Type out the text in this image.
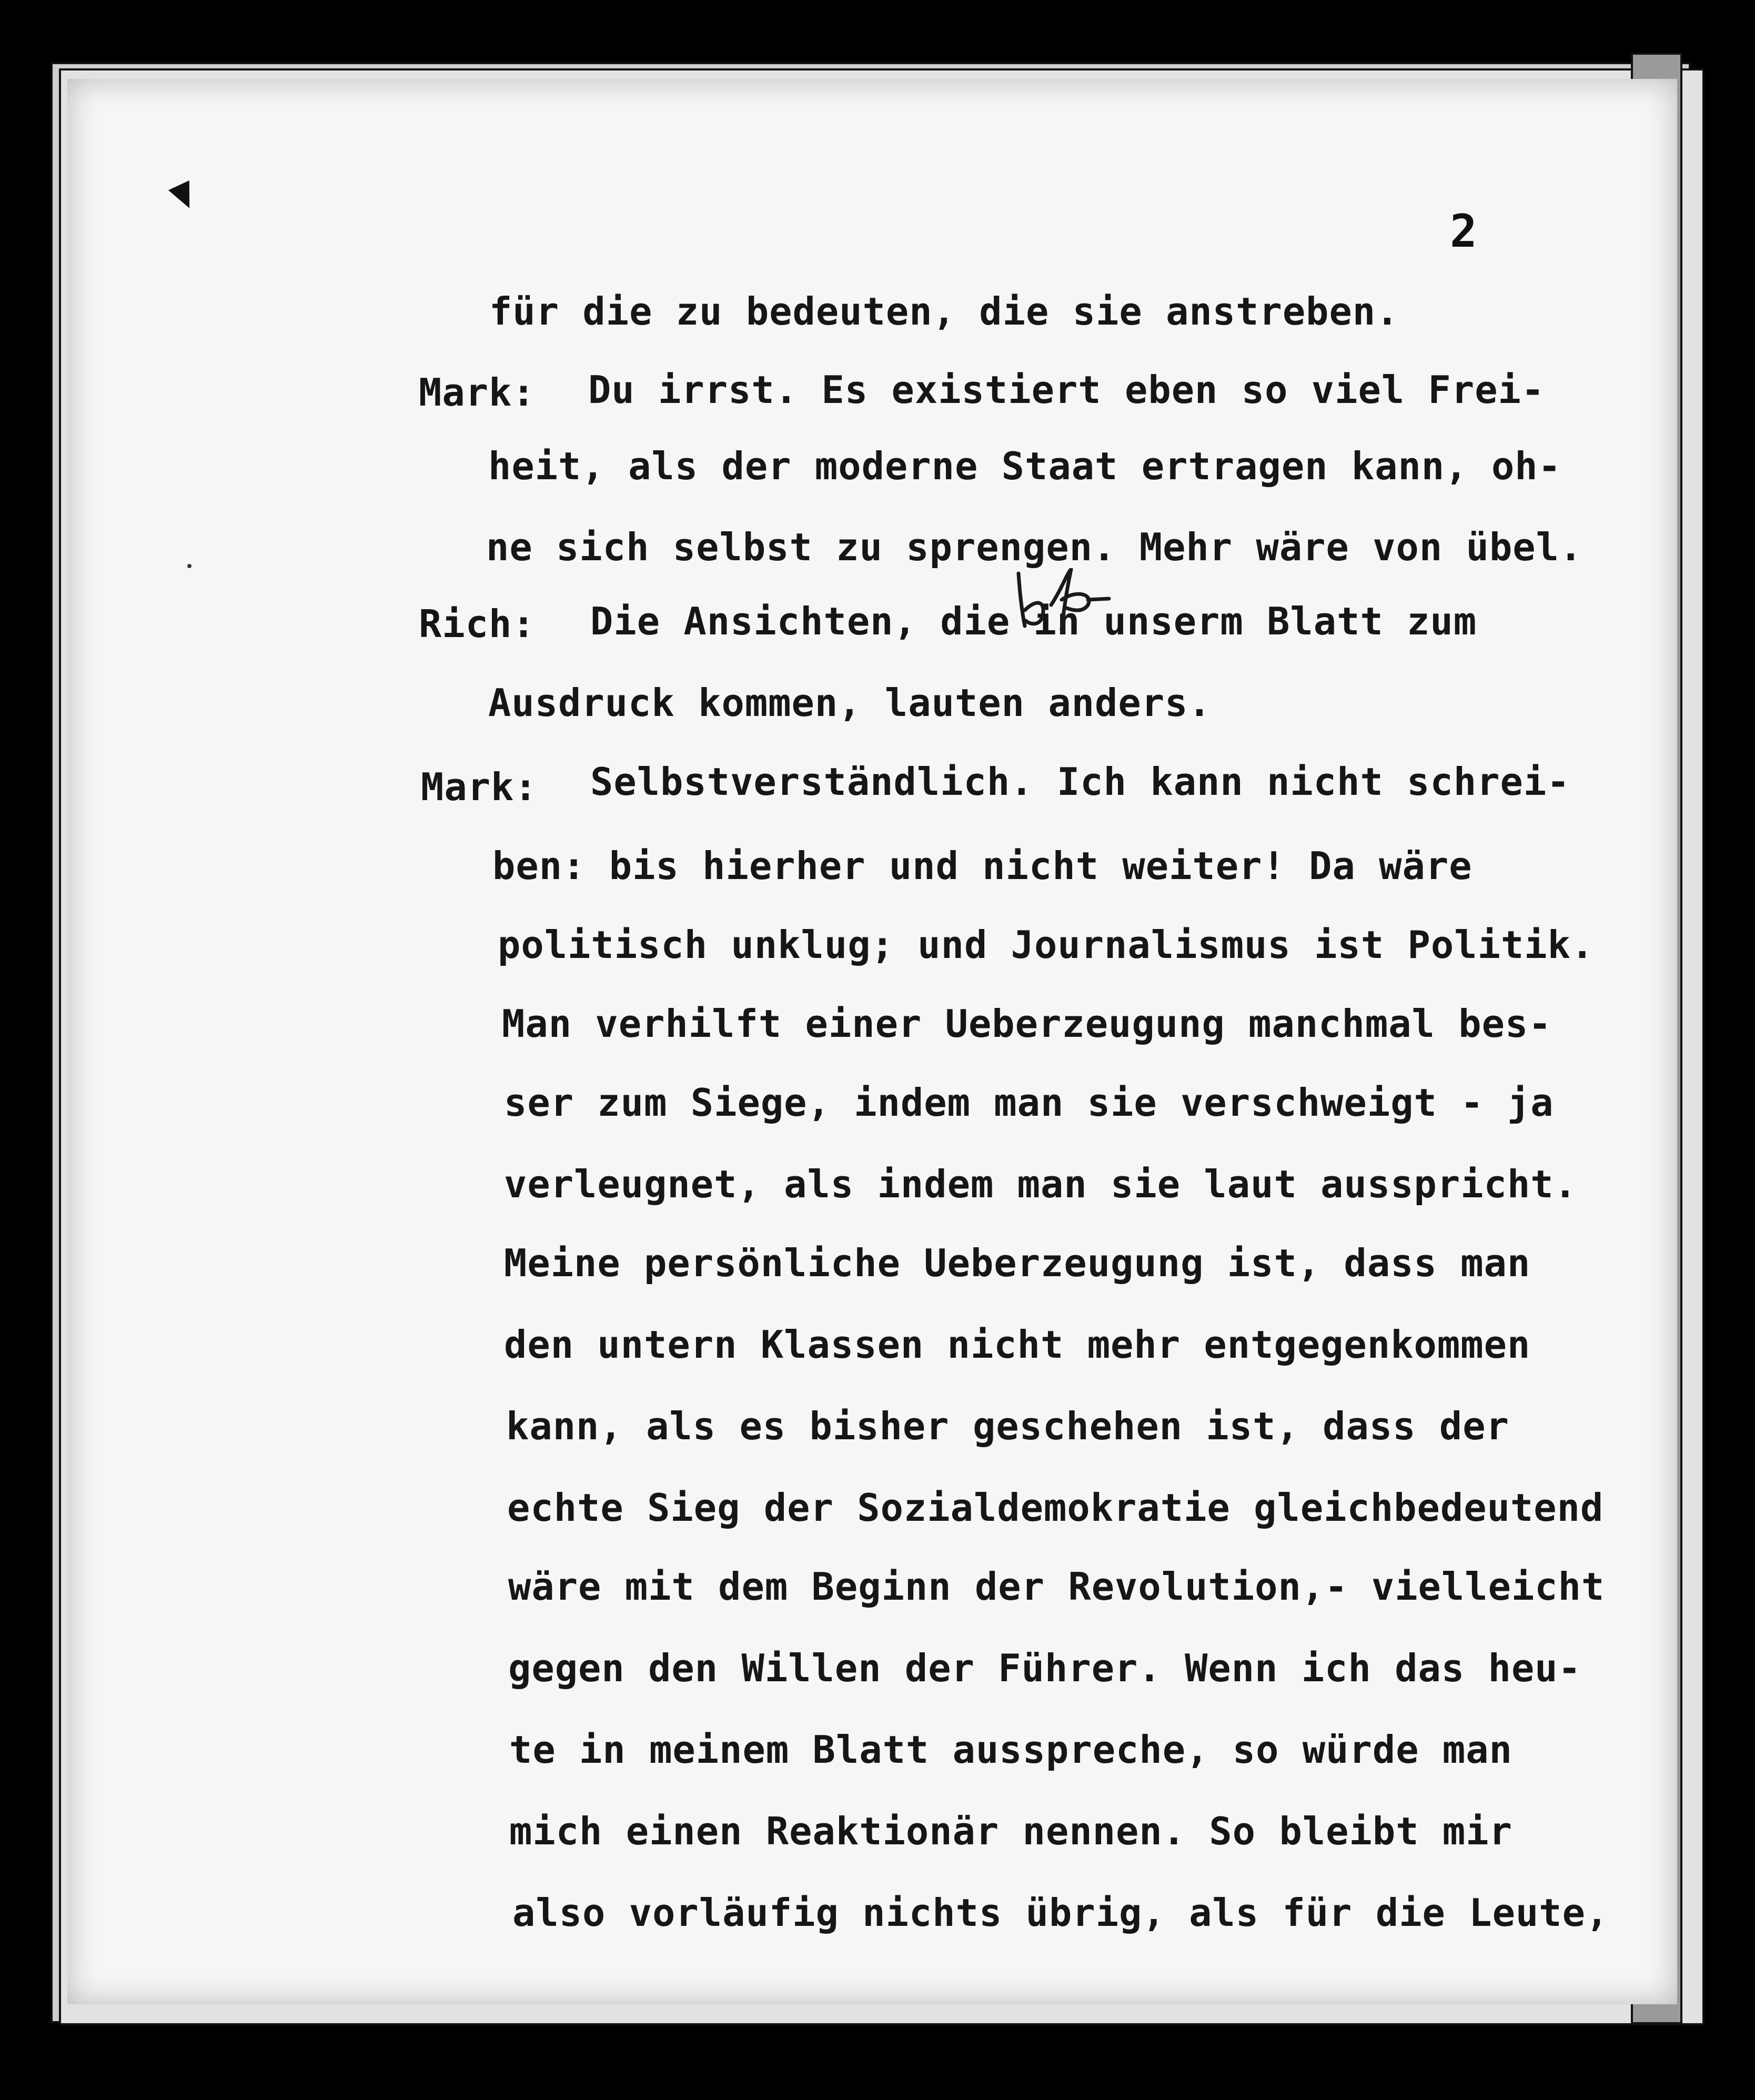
2
für die zu bedeuten, die sie anstreben.
Mark: Du irrst. Es existiert eben so viel Frei-
heit, als der moderne Staat ertragen kann, oh-
ne sich selbst zu sprengen. Mehr wäre von übel.
Rich: Die Ansichten, die in unserm Blatt zum
Ausdruck kommen, lauten anders.
Mark: Selbstverständlich. Ich kann nicht schrei-
ben: bis hierher und nicht weiter! Da wäre
politisch unklug; und Journalismus ist Politik.
Man verhilft einer Ueberzeugung manchmal bes-
ser zum Siege, indem man sie verschweigt - ja
verleugnet, als indem man sie laut ausspricht.
Meine persönliche Ueberzeugung ist, dass man
den untern Klassen nicht mehr entgegenkommen
kann, als es bisher geschehen ist, dass der
echte Sieg der Sozialdemokratie gleichbedeutend
wäre mit dem Beginn der Revolution,- vielleicht
gegen den Willen der Führer. Wenn ich das heu-
te in meinem Blatt ausspreche, so würde man
mich einen Reaktionär nennen. So bleibt mir
also vorläufig nichts übrig, als für die Leute,
